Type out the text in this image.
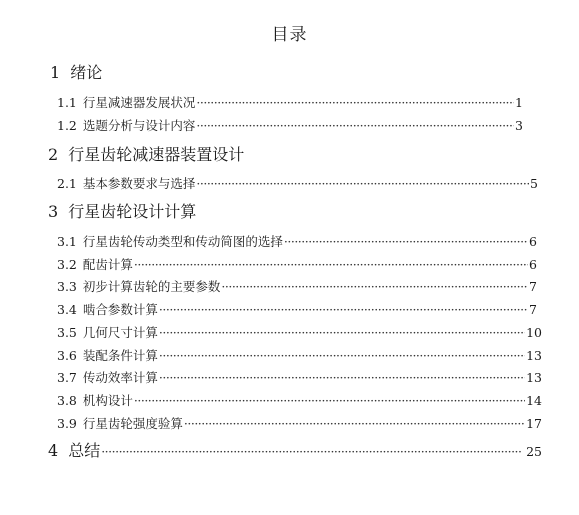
目录
1 绪论
1.1 行星减速器发展状况 ·····	1
1.2 选题分析与设计内容 ·····	3
2 行星齿轮减速器装置设计
2.1 基本参数要求与选择 ·····	5
3 行星齿轮设计计算
3.1 行星齿轮传动类型和传动简图的选择 ·····	6
3.2 配齿计算 ·····	6
3.3 初步计算齿轮的主要参数 ·····	7
3.4 啮合参数计算 ·····	7
3.5 几何尺寸计算 ·····	10
3.6 装配条件计算 ·····	13
3.7 传动效率计算 ·····	13
3.8 机构设计 ·····	14
3.9 行星齿轮强度验算 ·····	17
4 总结 ·····	25
